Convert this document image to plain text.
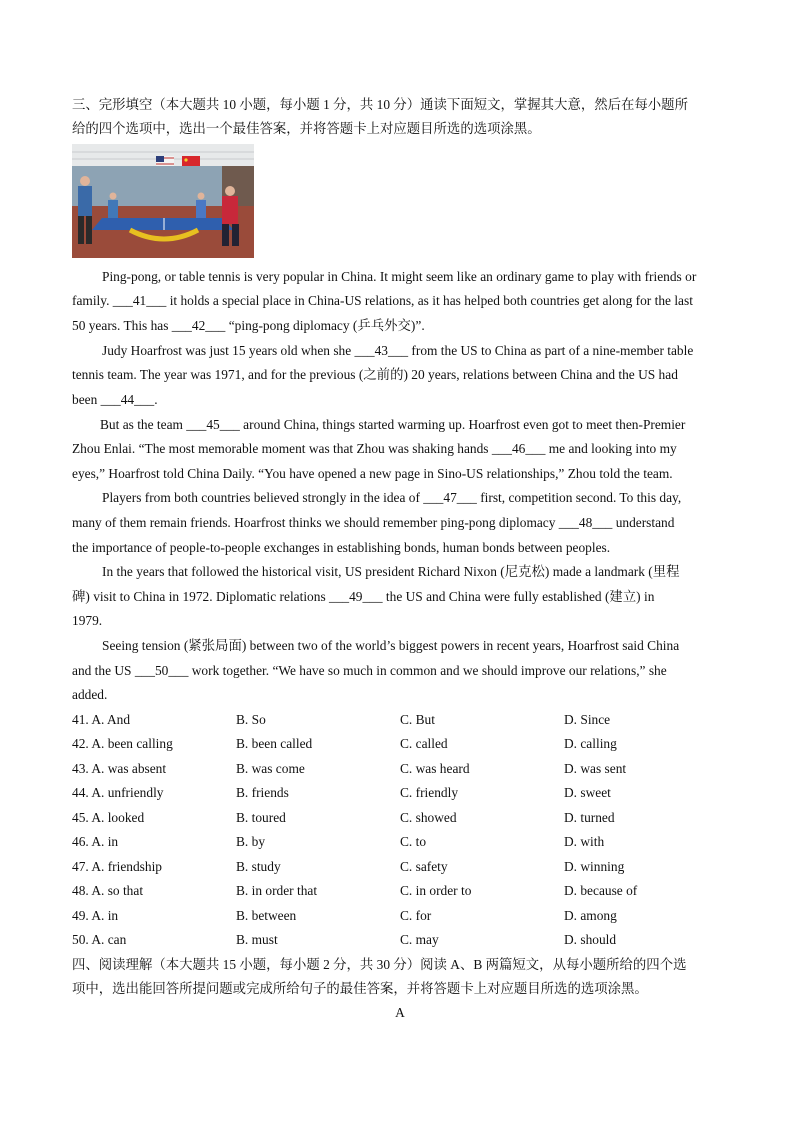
三、完形填空（本大题共 10 小题，每小题 1 分，共 10 分）通读下面短文，掌握其大意，然后在每小题所
给的四个选项中，选出一个最佳答案，并将答题卡上对应题目所选的选项涂黑。
Ping-pong, or table tennis is very popular in China. It might seem like an ordinary game to play with friends or
family. ___41___ it holds a special place in China-US relations, as it has helped both countries get along for the last
50 years. This has ___42___ “ping-pong diplomacy (乒乓外交)”.
Judy Hoarfrost was just 15 years old when she ___43___ from the US to China as part of a nine-member table
tennis team. The year was 1971, and for the previous (之前的) 20 years, relations between China and the US had
been ___44___.
But as the team ___45___ around China, things started warming up. Hoarfrost even got to meet then-Premier
Zhou Enlai. “The most memorable moment was that Zhou was shaking hands ___46___ me and looking into my
eyes,” Hoarfrost told China Daily. “You have opened a new page in Sino-US relationships,” Zhou told the team.
Players from both countries believed strongly in the idea of ___47___ first, competition second. To this day,
many of them remain friends. Hoarfrost thinks we should remember ping-pong diplomacy ___48___ understand
the importance of people-to-people exchanges in establishing bonds, human bonds between peoples.
In the years that followed the historical visit, US president Richard Nixon (尼克松) made a landmark (里程
碑) visit to China in 1972. Diplomatic relations ___49___ the US and China were fully established (建立) in
1979.
Seeing tension (紧张局面) between two of the world’s biggest powers in recent years, Hoarfrost said China
and the US ___50___ work together. “We have so much in common and we should improve our relations,” she
added.
41. A. And	B. So	C. But	D. Since
42. A. been calling	B. been called	C. called	D. calling
43. A. was absent	B. was come	C. was heard	D. was sent
44. A. unfriendly	B. friends	C. friendly	D. sweet
45. A. looked	B. toured	C. showed	D. turned
46. A. in	B. by	C. to	D. with
47. A. friendship	B. study	C. safety	D. winning
48. A. so that	B. in order that	C. in order to	D. because of
49. A. in	B. between	C. for	D. among
50. A. can	B. must	C. may	D. should
四、阅读理解（本大题共 15 小题，每小题 2 分，共 30 分）阅读 A、B 两篇短文，从每小题所给的四个选
项中，选出能回答所提问题或完成所给句子的最佳答案，并将答题卡上对应题目所选的选项涂黑。
A
